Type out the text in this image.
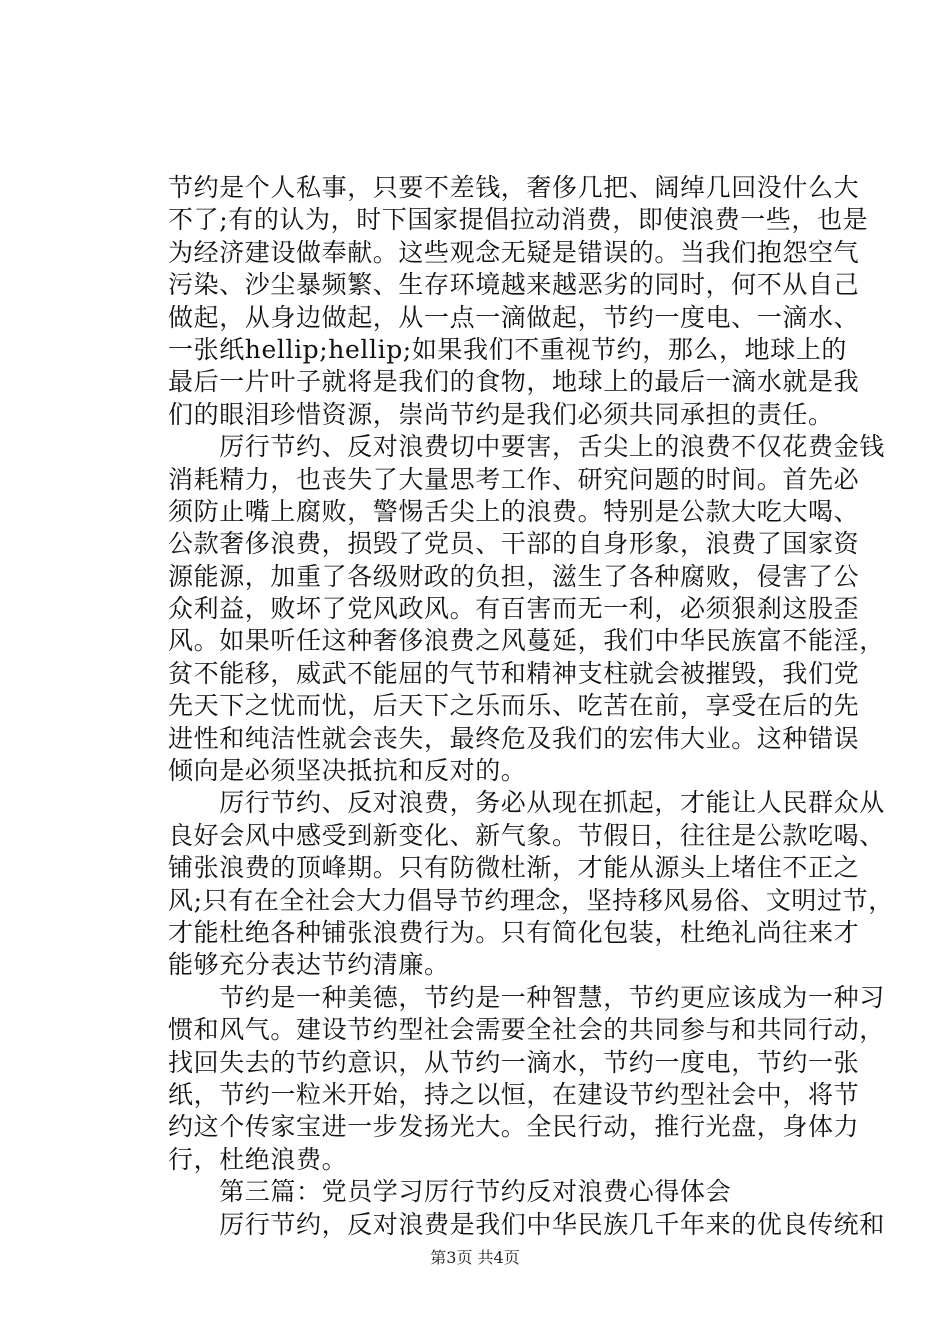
节约是个人私事，只要不差钱，奢侈几把、阔绰几回没什么大
不了;有的认为，时下国家提倡拉动消费，即使浪费一些，也是
为经济建设做奉献。这些观念无疑是错误的。当我们抱怨空气
污染、沙尘暴频繁、生存环境越来越恶劣的同时，何不从自己
做起，从身边做起，从一点一滴做起，节约一度电、一滴水、
一张纸hellip;hellip;如果我们不重视节约，那么，地球上的
最后一片叶子就将是我们的食物，地球上的最后一滴水就是我
们的眼泪珍惜资源，崇尚节约是我们必须共同承担的责任。
　　厉行节约、反对浪费切中要害，舌尖上的浪费不仅花费金钱
消耗精力，也丧失了大量思考工作、研究问题的时间。首先必
须防止嘴上腐败，警惕舌尖上的浪费。特别是公款大吃大喝、
公款奢侈浪费，损毁了党员、干部的自身形象，浪费了国家资
源能源，加重了各级财政的负担，滋生了各种腐败，侵害了公
众利益，败坏了党风政风。有百害而无一利，必须狠刹这股歪
风。如果听任这种奢侈浪费之风蔓延，我们中华民族富不能淫，
贫不能移，威武不能屈的气节和精神支柱就会被摧毁，我们党
先天下之忧而忧，后天下之乐而乐、吃苦在前，享受在后的先
进性和纯洁性就会丧失，最终危及我们的宏伟大业。这种错误
倾向是必须坚决抵抗和反对的。
　　厉行节约、反对浪费，务必从现在抓起，才能让人民群众从
良好会风中感受到新变化、新气象。节假日，往往是公款吃喝、
铺张浪费的顶峰期。只有防微杜渐，才能从源头上堵住不正之
风;只有在全社会大力倡导节约理念，坚持移风易俗、文明过节，
才能杜绝各种铺张浪费行为。只有简化包装，杜绝礼尚往来才
能够充分表达节约清廉。
　　节约是一种美德，节约是一种智慧，节约更应该成为一种习
惯和风气。建设节约型社会需要全社会的共同参与和共同行动，
找回失去的节约意识，从节约一滴水，节约一度电，节约一张
纸，节约一粒米开始，持之以恒，在建设节约型社会中，将节
约这个传家宝进一步发扬光大。全民行动，推行光盘，身体力
行，杜绝浪费。
　　第三篇：党员学习厉行节约反对浪费心得体会
　　厉行节约，反对浪费是我们中华民族几千年来的优良传统和
第3页 共4页
